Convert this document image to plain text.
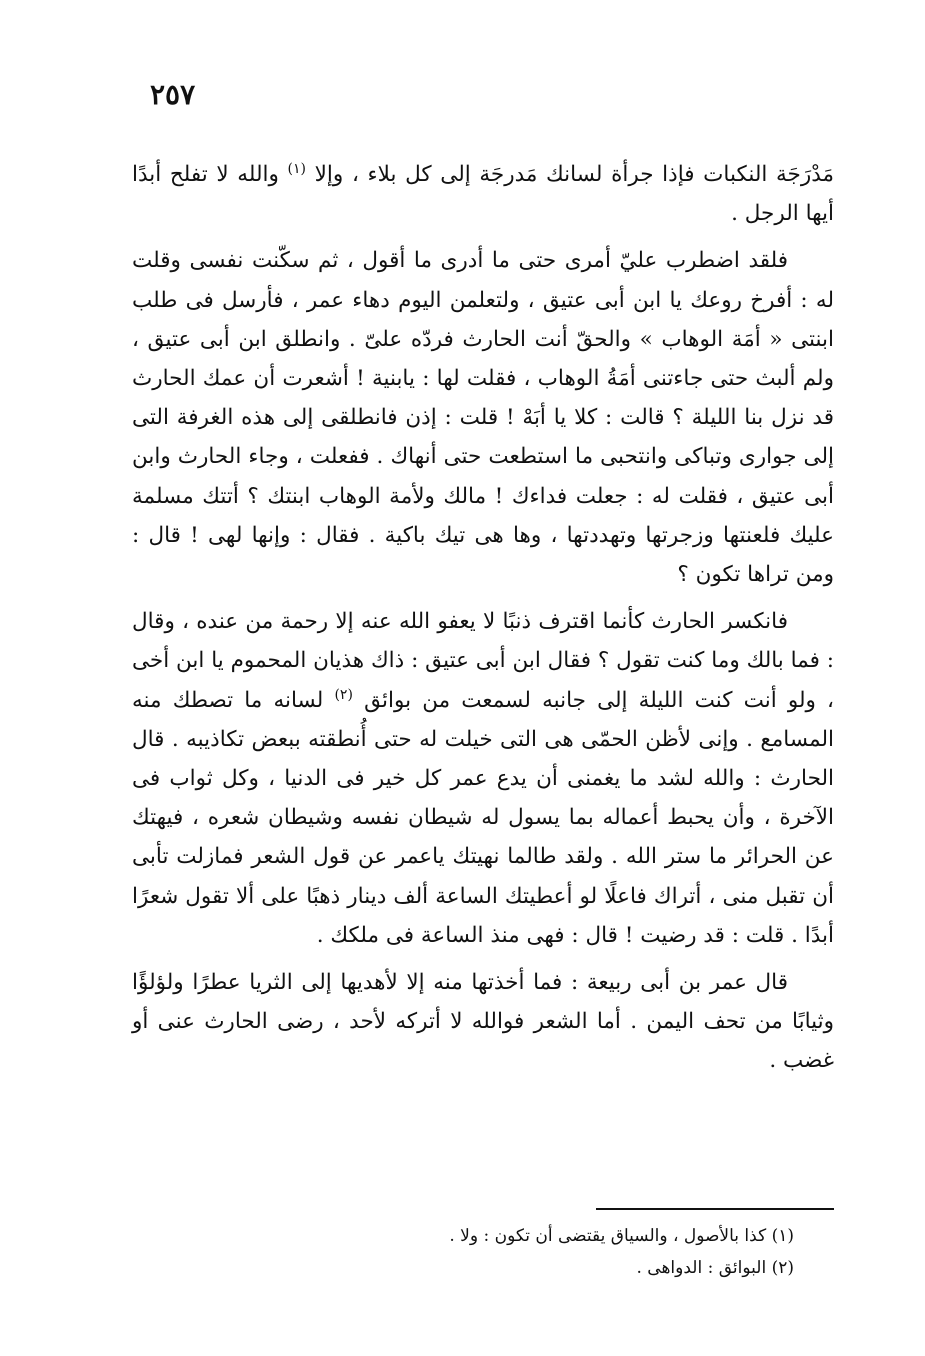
٢٥٧

مَدْرَجَة النكبات فإذا جرأة لسانك مَدرجَة إلى كل بلاء ، وإلا $^{(١)}$ والله لا تفلح أبدًا أيها الرجل .

فلقد اضطرب عليّ أمرى حتى ما أدرى ما أقول ، ثم سكّنت نفسى وقلت له : أفرخ روعك يا ابن أبى عتيق ، ولتعلمن اليوم دهاء عمر ، فأرسل فى طلب ابنتى « أمَة الوهاب » والحقّ أنت الحارث فردّه علىّ . وانطلق ابن أبى عتيق ، ولم ألبث حتى جاءتنى أمَةُ الوهاب ، فقلت لها : يابنية ! أشعرت أن عمك الحارث قد نزل بنا الليلة ؟ قالت : كلا يا أبَهْ ! قلت : إذن فانطلقى إلى هذه الغرفة التى إلى جوارى وتباكى وانتحبى ما استطعت حتى أنهاك . ففعلت ، وجاء الحارث وابن أبى عتيق ، فقلت له : جعلت فداءك ! مالك ولأمة الوهاب ابنتك ؟ أتتك مسلمة عليك فلعنتها وزجرتها وتهددتها ، وها هى تيك باكية . فقال : وإنها لهى ! قال : ومن تراها تكون ؟

فانكسر الحارث كأنما اقترف ذنبًا لا يعفو الله عنه إلا رحمة من عنده ، وقال : فما بالك وما كنت تقول ؟ فقال ابن أبى عتيق : ذاك هذيان المحموم يا ابن أخى ، ولو أنت كنت الليلة إلى جانبه لسمعت من بوائق $^{(٢)}$ لسانه ما تصطك منه المسامع . وإنى لأظن الحمّى هى التى خيلت له حتى أُنطقته ببعض تكاذيبه . قال الحارث : والله لشد ما يغمنى أن يدع عمر كل خير فى الدنيا ، وكل ثواب فى الآخرة ، وأن يحبط أعماله بما يسول له شيطان نفسه وشيطان شعره ، فيهتك عن الحرائر ما ستر الله . ولقد طالما نهيتك ياعمر عن قول الشعر فمازلت تأبى أن تقبل منى ، أتراك فاعلًا لو أعطيتك الساعة ألف دينار ذهبًا على ألا تقول شعرًا أبدًا . قلت : قد رضيت ! قال : فهى منذ الساعة فى ملكك .

قال عمر بن أبى ربيعة : فما أخذتها منه إلا لأهديها إلى الثريا عطرًا ولؤلؤًا وثيابًا من تحف اليمن . أما الشعر فوالله لا أتركه لأحد ، رضى الحارث عنى أو غضب .

(١) كذا بالأصول ، والسياق يقتضى أن تكون : ولا .

(٢) البوائق : الدواهى .
